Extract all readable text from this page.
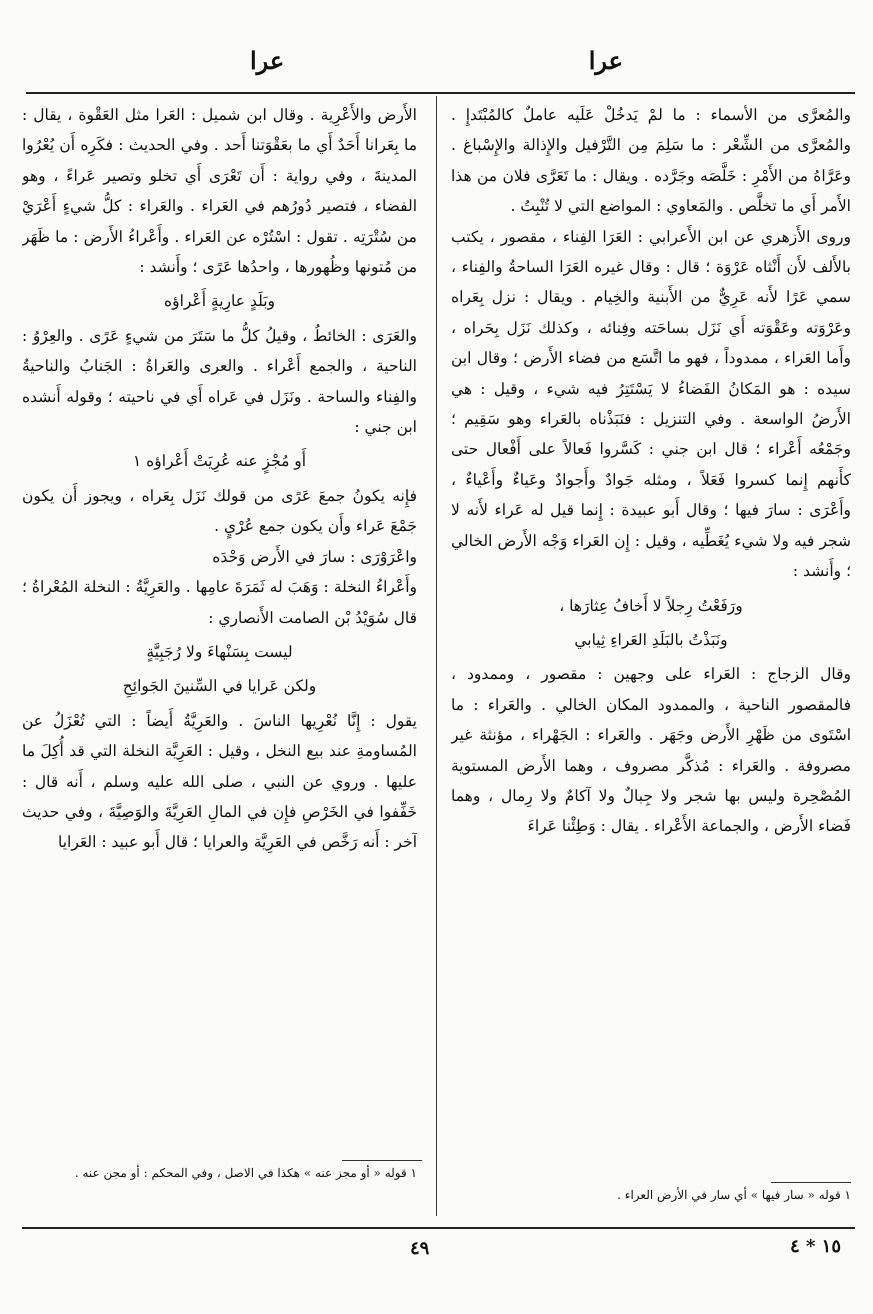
عرا
عرا

والمُعرَّى من الأسماء : ما لمْ يَدخُلْ عَلَيه عاملٌ كالمُبْتَدإِ . والمُعرَّى من الشِّعْر : ما سَلِمَ مِن التَّرْفيل والإِذالة والإِسْباغ . وعَرَّاهُ من الأَمْرِ : خَلَّصَه وجَرَّده . ويقال : ما تَعَرَّى فلان من هذا الأَمر أَي ما تخلَّص . والمَعاوي : المواضع التي لا تُنْبِتُ .

وروى الأَزهري عن ابن الأَعرابي : العَرَا الفِناء ، مقصور ، يكتب بالأَلف لأَن أَنْثاه عَرْوَة ؛ قال : وقال غيره العَرَا الساحةُ والفِناء ، سمي عَرًا لأَنه عَرِيٌّ من الأَبنية والخِيام . ويقال : نزل بِعَراه وعَرْوَته وعَقْوَته أَي نَزَل بساحَته وفِنائه ، وكذلك نَزَل بِحَراه ، وأَما العَراء ، ممدوداً ، فهو ما اتَّسَع من فضاء الأَرض ؛ وقال ابن سيده : هو المَكانُ الفَضاءُ لا يَسْتَتِرُ فيه شيء ، وقيل : هي الأَرضُ الواسعة . وفي التنزيل : فنَبَذْناه بالعَراء وهو سَقِيم ؛ وجَمْعُه أَعْراء ؛ قال ابن جني : كَسَّروا فَعالاً على أَفْعال حتى كأَنهم إِنما كسروا فَعَلاً ، ومثله جَوادٌ وأَجوادٌ وعَياءٌ وأَعْياءٌ ، وأَعْرَى : سارَ فيها ؛ وقال أَبو عبيدة : إِنما قيل له عَراء لأَنه لا شجر فيه ولا شيء يُغَطِّيه ، وقيل : إِن العَراء وَجْه الأَرض الخالي ؛ وأَنشد :

ورَفَعْتُ رِجلاً لا أَخافُ عِثارَها ،

ونَبَذْتُ بالبَلَدِ العَراءِ ثِيابي

وقال الزجاج : العَراء على وجهين : مقصور ، وممدود ، فالمقصور الناحية ، والممدود المكان الخالي . والعَراء : ما اسْتَوى من ظَهْرِ الأَرض وجَهَر . والعَراء : الجَهْراء ، مؤنثة غير مصروفة . والعَراء : مُذكَّر مصروف ، وهما الأَرض المستوية المُصْحِرة وليس بها شجر ولا جِبالٌ ولا آكامٌ ولا رِمال ، وهما فَضاء الأَرض ، والجماعة الأَعْراء . يقال : وَطِئْنا عَراءَ

١ قوله « سار فيها » أي سار في الأرض العراء .

الأَرض والأَعْرِية . وقال ابن شميل : العَرا مثل العَقْوة ، يقال : ما بِعَرانا أَحَدٌ أَي ما بعَقْوَتنا أَحد . وفي الحديث : فكَرِه أَن يُعْرُوا المدينةَ ، وفي رواية : أَن تَعْرَى أَي تخلو وتصير عَراءً ، وهو الفضاء ، فتصير دُورُهم في العَراء . والعَراء : كلُّ شيءٍ أَعْرَيْ من سُتْرَتِه . تقول : اسْتُرْه عن العَراء . وأَعْراءُ الأَرض : ما ظَهَر من مُتونها وظُهورها ، واحدُها عَرًى ؛ وأَنشد :

وبَلَدٍ عارِيةٍ أَعْراؤه

والعَرَى : الخائطُ ، وقيلُ كلُّ ما سَتَرَ من شيءٍ عَرًى . والعِرْوُ : الناحية ، والجمع أَعْراء . والعرى والعَراةُ : الجَنابُ والناحيةُ والفِناء والساحة . ونَزَل في عَراه أَي في ناحيته ؛ وقوله أَنشده ابن جني :

أَو مُجْزٍ عنه عُرِيَتْ أَعْراؤه ١

فإِنه يكونُ جمعَ عَرًى من قولك نَزَل بِعَراه ، ويجوز أَن يكون جَمْعَ عَراء وأَن يكون جمع عُرْيٍ .

واعْرَوْرَى : سارَ في الأَرض وَحْدَه

وأَعْراءُ النخلة : وَهَبَ له ثَمَرَةَ عامِها . والعَرِيَّةُ : النخلة المُعْراةُ ؛ قال سُوَيْدُ بْن الصامت الأَنصاري :

ليست بِسَنْهاءَ ولا رُجَبِيَّةٍ

ولكن عَرايا في السِّنينَ الجَوائِحِ

يقول : إِنَّا نُعْرِيها الناسَ . والعَرِيَّةُ أَيضاً : التي تُعْزَلُ عن المُساومةِ عند بيع النخل ، وقيل : العَرِيَّة النخلة التي قد أُكِلَ ما عليها . وروي عن النبي ، صلى الله عليه وسلم ، أَنه قال : خَفِّفوا في الخَرْصِ فإِن في المالِ العَرِيَّةَ والوَصِيَّةَ ، وفي حديث آخر : أَنه رَخَّص في العَرِيَّة والعرايا ؛ قال أَبو عبيد : العَرايا

١ قوله « أو مجز عنه » هكذا في الاصل ، وفي المحكم : أو مجن عنه .
٤٩	١٥ * ٤
